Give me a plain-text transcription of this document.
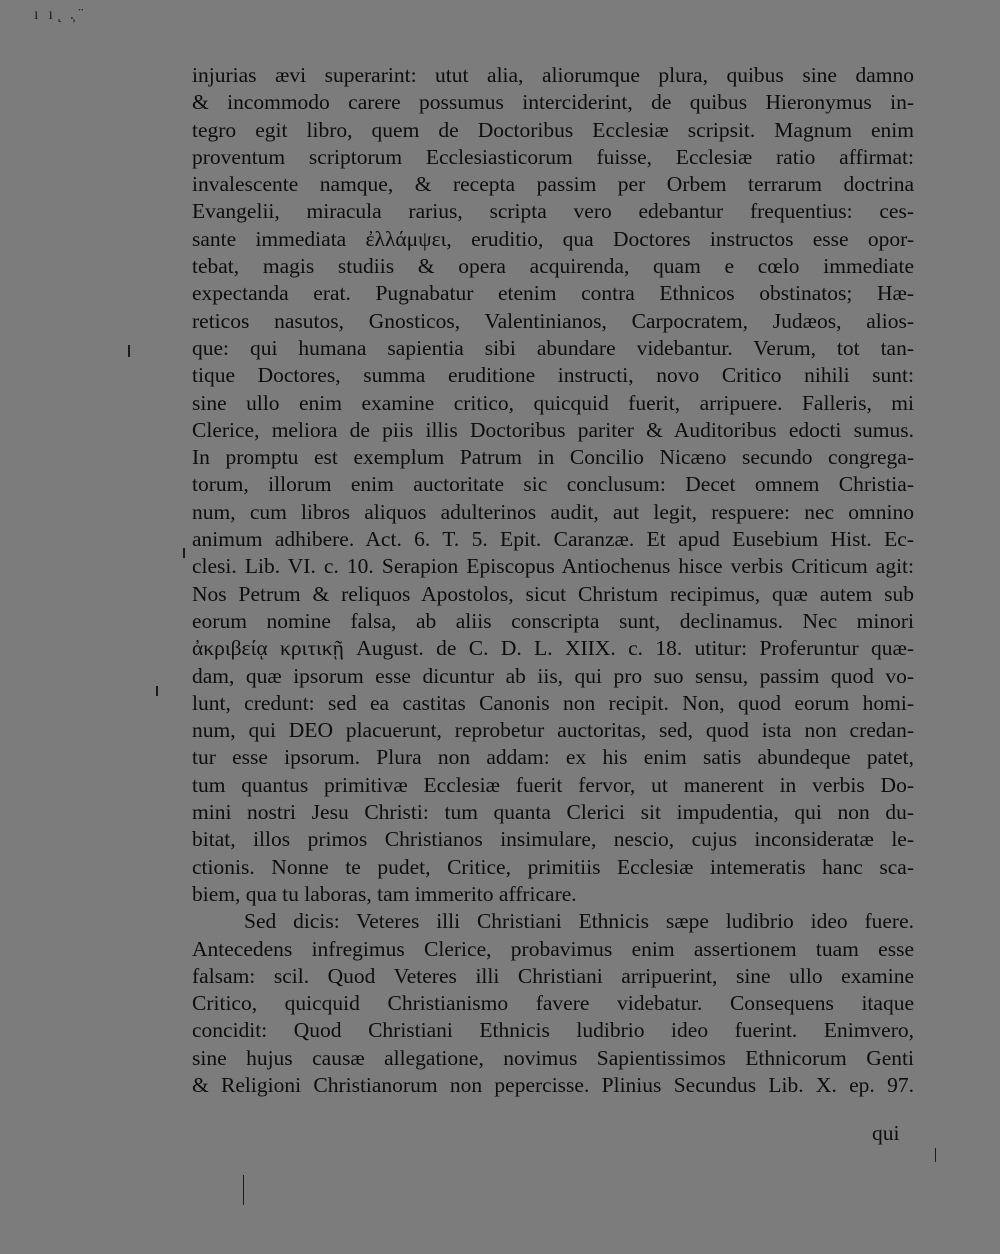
ı ı ̨ .̦ ̈
injurias ævi superarint: utut alia, aliorumque plura, quibus sine damno
& incommodo carere possumus interciderint, de quibus Hieronymus in-
tegro egit libro, quem de Doctoribus Ecclesiæ scripsit. Magnum enim
proventum scriptorum Ecclesiasticorum fuisse, Ecclesiæ ratio affirmat:
invalescente namque, & recepta passim per Orbem terrarum doctrina
Evangelii, miracula rarius, scripta vero edebantur frequentius: ces-
sante immediata ἐλλάμψει, eruditio, qua Doctores instructos esse opor-
tebat, magis studiis & opera acquirenda, quam e cœlo immediate
expectanda erat. Pugnabatur etenim contra Ethnicos obstinatos; Hæ-
reticos nasutos, Gnosticos, Valentinianos, Carpocratem, Judæos, alios-
que: qui humana sapientia sibi abundare videbantur. Verum, tot tan-
tique Doctores, summa eruditione instructi, novo Critico nihili sunt:
sine ullo enim examine critico, quicquid fuerit, arripuere. Falleris, mi
Clerice, meliora de piis illis Doctoribus pariter & Auditoribus edocti sumus.
In promptu est exemplum Patrum in Concilio Nicæno secundo congrega-
torum, illorum enim auctoritate sic conclusum: Decet omnem Christia-
num, cum libros aliquos adulterinos audit, aut legit, respuere: nec omnino
animum adhibere. Act. 6. T. 5. Epit. Caranzæ. Et apud Eusebium Hist. Ec-
clesi. Lib. VI. c. 10. Serapion Episcopus Antiochenus hisce verbis Criticum agit:
Nos Petrum & reliquos Apostolos, sicut Christum recipimus, quæ autem sub
eorum nomine falsa, ab aliis conscripta sunt, declinamus. Nec minori
ἀκριβείᾳ κριτικῇ August. de C. D. L. XIIX. c. 18. utitur: Proferuntur quæ-
dam, quæ ipsorum esse dicuntur ab iis, qui pro suo sensu, passim quod vo-
lunt, credunt: sed ea castitas Canonis non recipit. Non, quod eorum homi-
num, qui DEO placuerunt, reprobetur auctoritas, sed, quod ista non credan-
tur esse ipsorum. Plura non addam: ex his enim satis abundeque patet,
tum quantus primitivæ Ecclesiæ fuerit fervor, ut manerent in verbis Do-
mini nostri Jesu Christi: tum quanta Clerici sit impudentia, qui non du-
bitat, illos primos Christianos insimulare, nescio, cujus inconsideratæ le-
ctionis. Nonne te pudet, Critice, primitiis Ecclesiæ intemeratis hanc sca-
biem, qua tu laboras, tam immerito affricare.
Sed dicis: Veteres illi Christiani Ethnicis sæpe ludibrio ideo fuere.
Antecedens infregimus Clerice, probavimus enim assertionem tuam esse
falsam: scil. Quod Veteres illi Christiani arripuerint, sine ullo examine
Critico, quicquid Christianismo favere videbatur. Consequens itaque
concidit: Quod Christiani Ethnicis ludibrio ideo fuerint. Enimvero,
sine hujus causæ allegatione, novimus Sapientissimos Ethnicorum Genti
& Religioni Christianorum non pepercisse. Plinius Secundus Lib. X. ep. 97.
qui
